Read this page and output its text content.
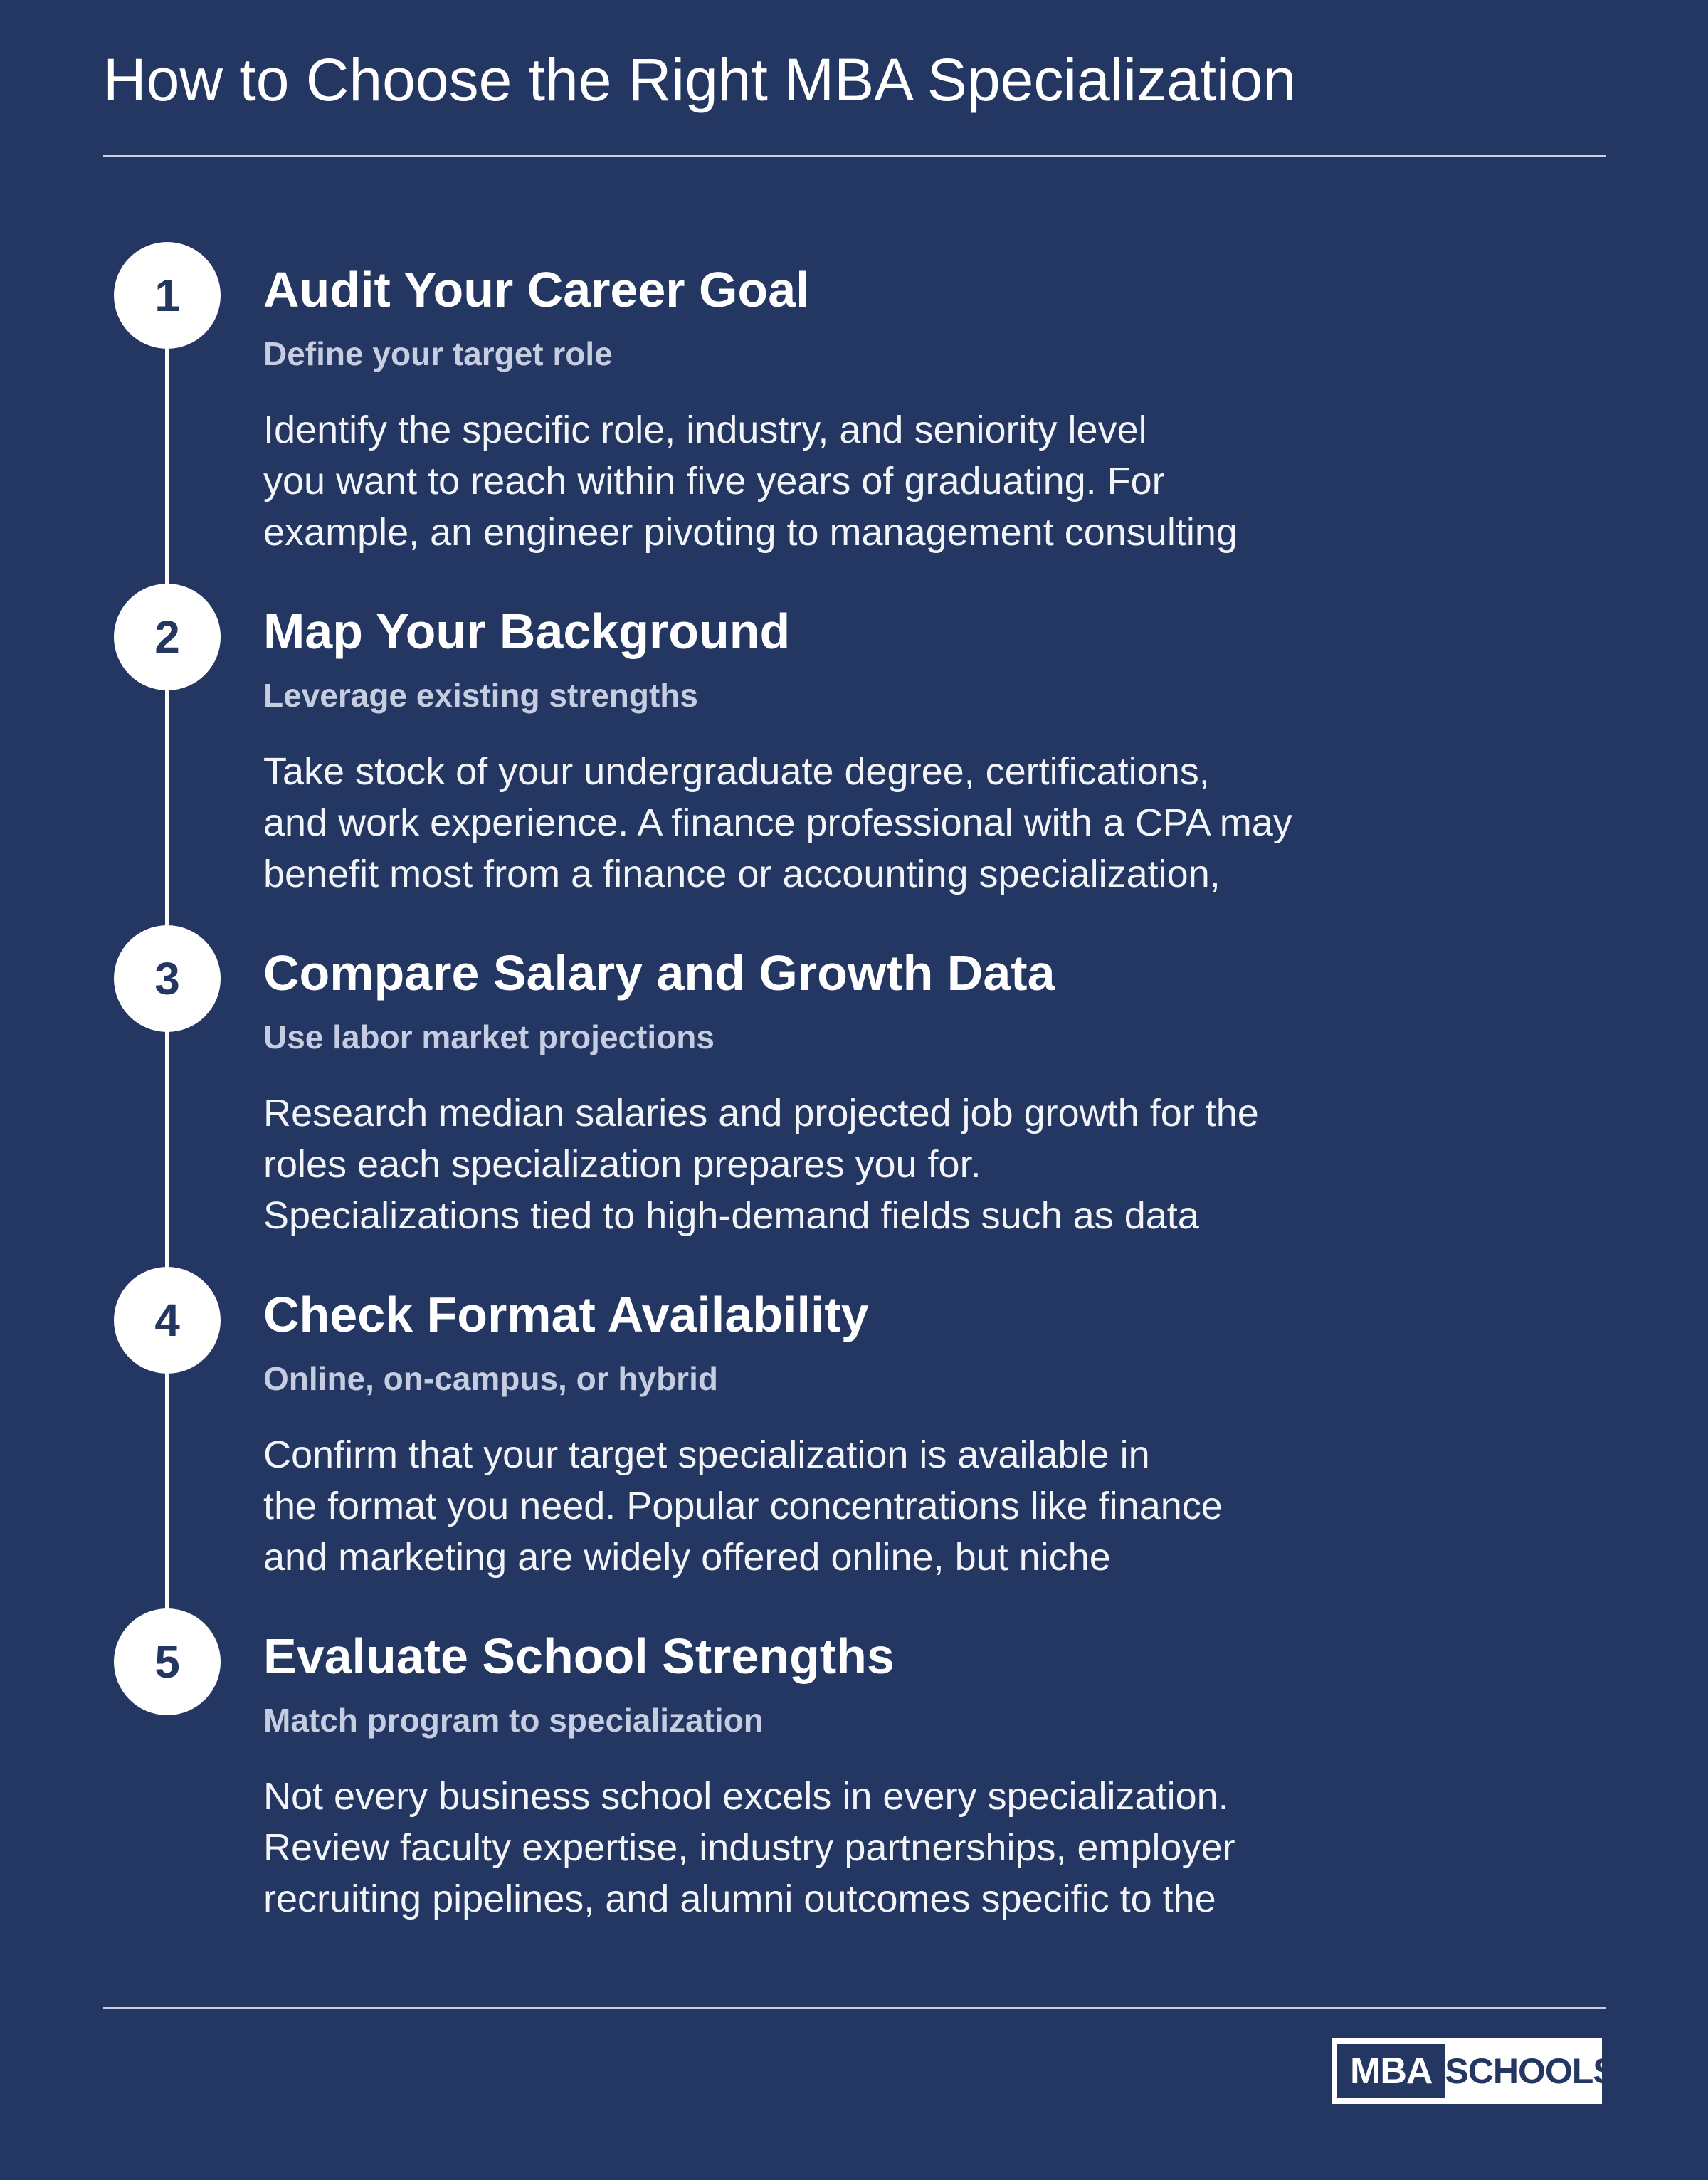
How to Choose the Right MBA Specialization
1 Audit Your Career Goal
Define your target role

Identify the specific role, industry, and seniority level
you want to reach within five years of graduating. For
example, an engineer pivoting to management consulting

2 Map Your Background
Leverage existing strengths

Take stock of your undergraduate degree, certifications,
and work experience. A finance professional with a CPA may
benefit most from a finance or accounting specialization,

3 Compare Salary and Growth Data
Use labor market projections

Research median salaries and projected job growth for the
roles each specialization prepares you for.
Specializations tied to high-demand fields such as data

4 Check Format Availability
Online, on-campus, or hybrid

Confirm that your target specialization is available in
the format you need. Popular concentrations like finance
and marketing are widely offered online, but niche

5 Evaluate School Strengths
Match program to specialization

Not every business school excels in every specialization.
Review faculty expertise, industry partnerships, employer
recruiting pipelines, and alumni outcomes specific to the

MBA SCHOOLS
